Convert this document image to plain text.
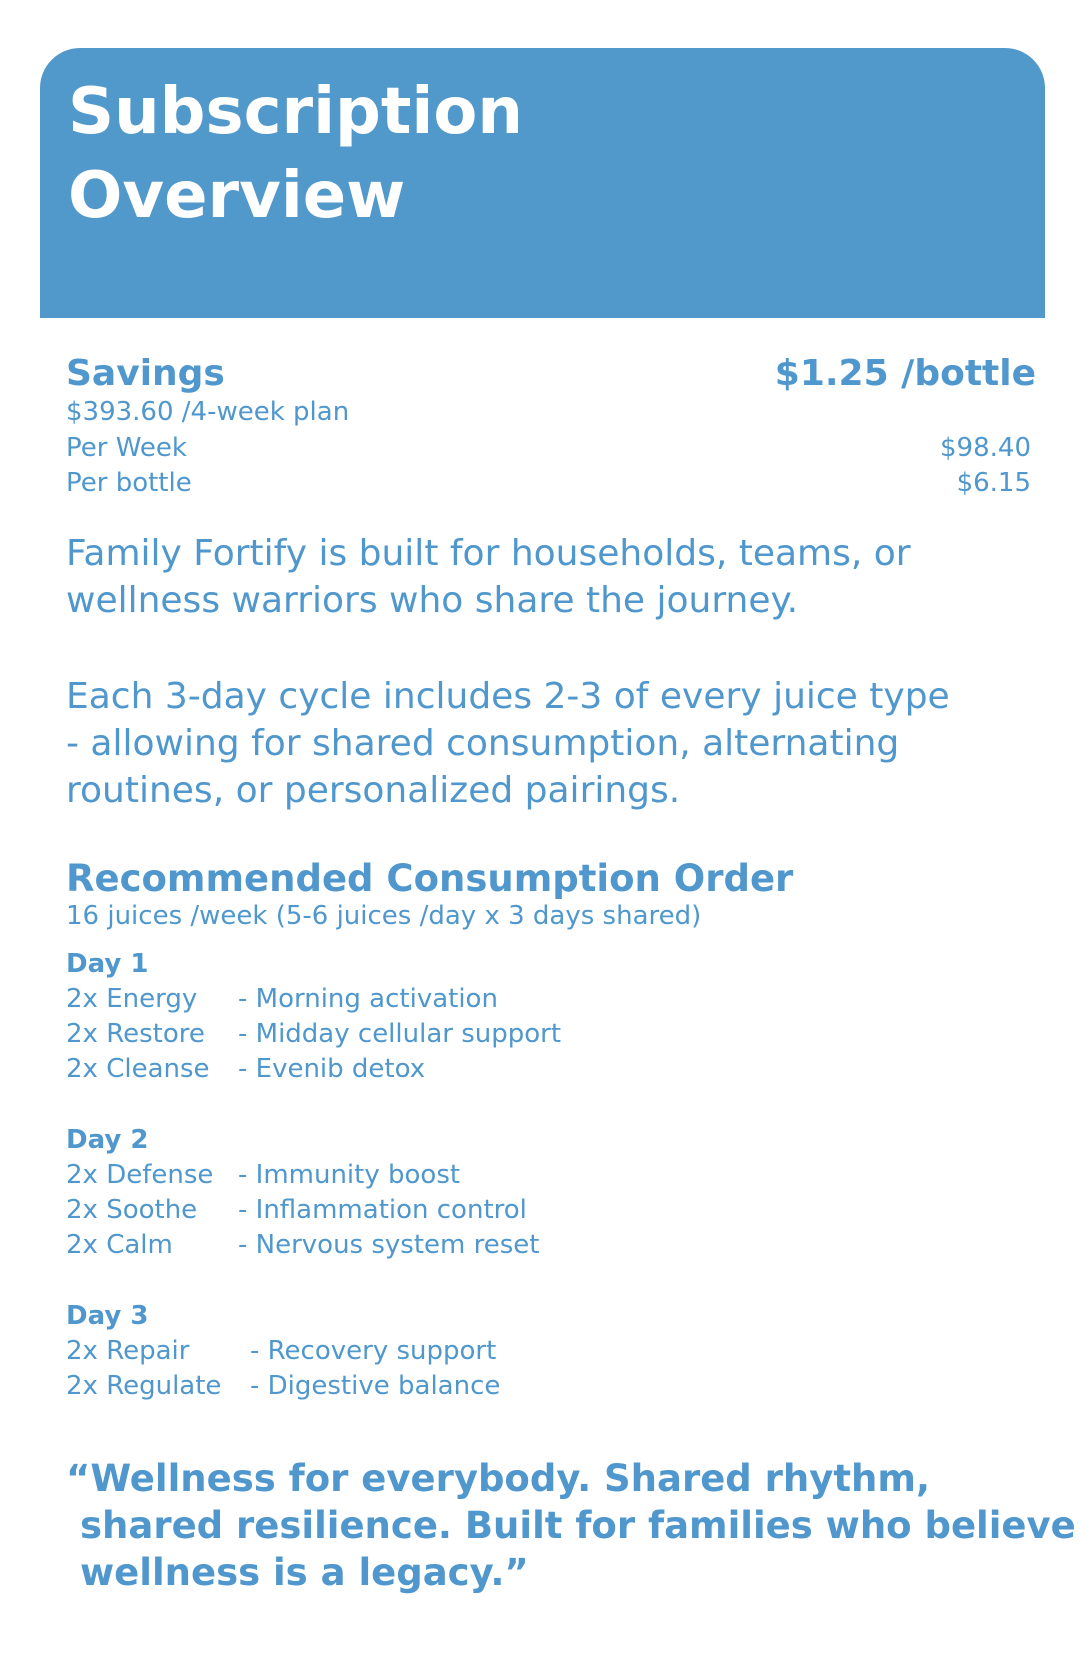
Subscription
Overview
Savings	$1.25 /bottle
$393.60 /4-week plan
Per Week	$98.40
Per bottle	$6.15

Family Fortify is built for households, teams, or
wellness warriors who share the journey.

Each 3-day cycle includes 2-3 of every juice type
- allowing for shared consumption, alternating
routines, or personalized pairings.

Recommended Consumption Order
16 juices /week (5-6 juices /day x 3 days shared)
Day 1
2x Energy	- Morning activation
2x Restore	- Midday cellular support
2x Cleanse	- Evenib detox
Day 2
2x Defense - Immunity boost
2x Soothe	- Inflammation control
2x Calm	- Nervous system reset
Day 3
2x Repair	- Recovery support
2x Regulate	- Digestive balance

“Wellness for everybody. Shared rhythm,
shared resilience. Built for families who believe
wellness is a legacy.”
